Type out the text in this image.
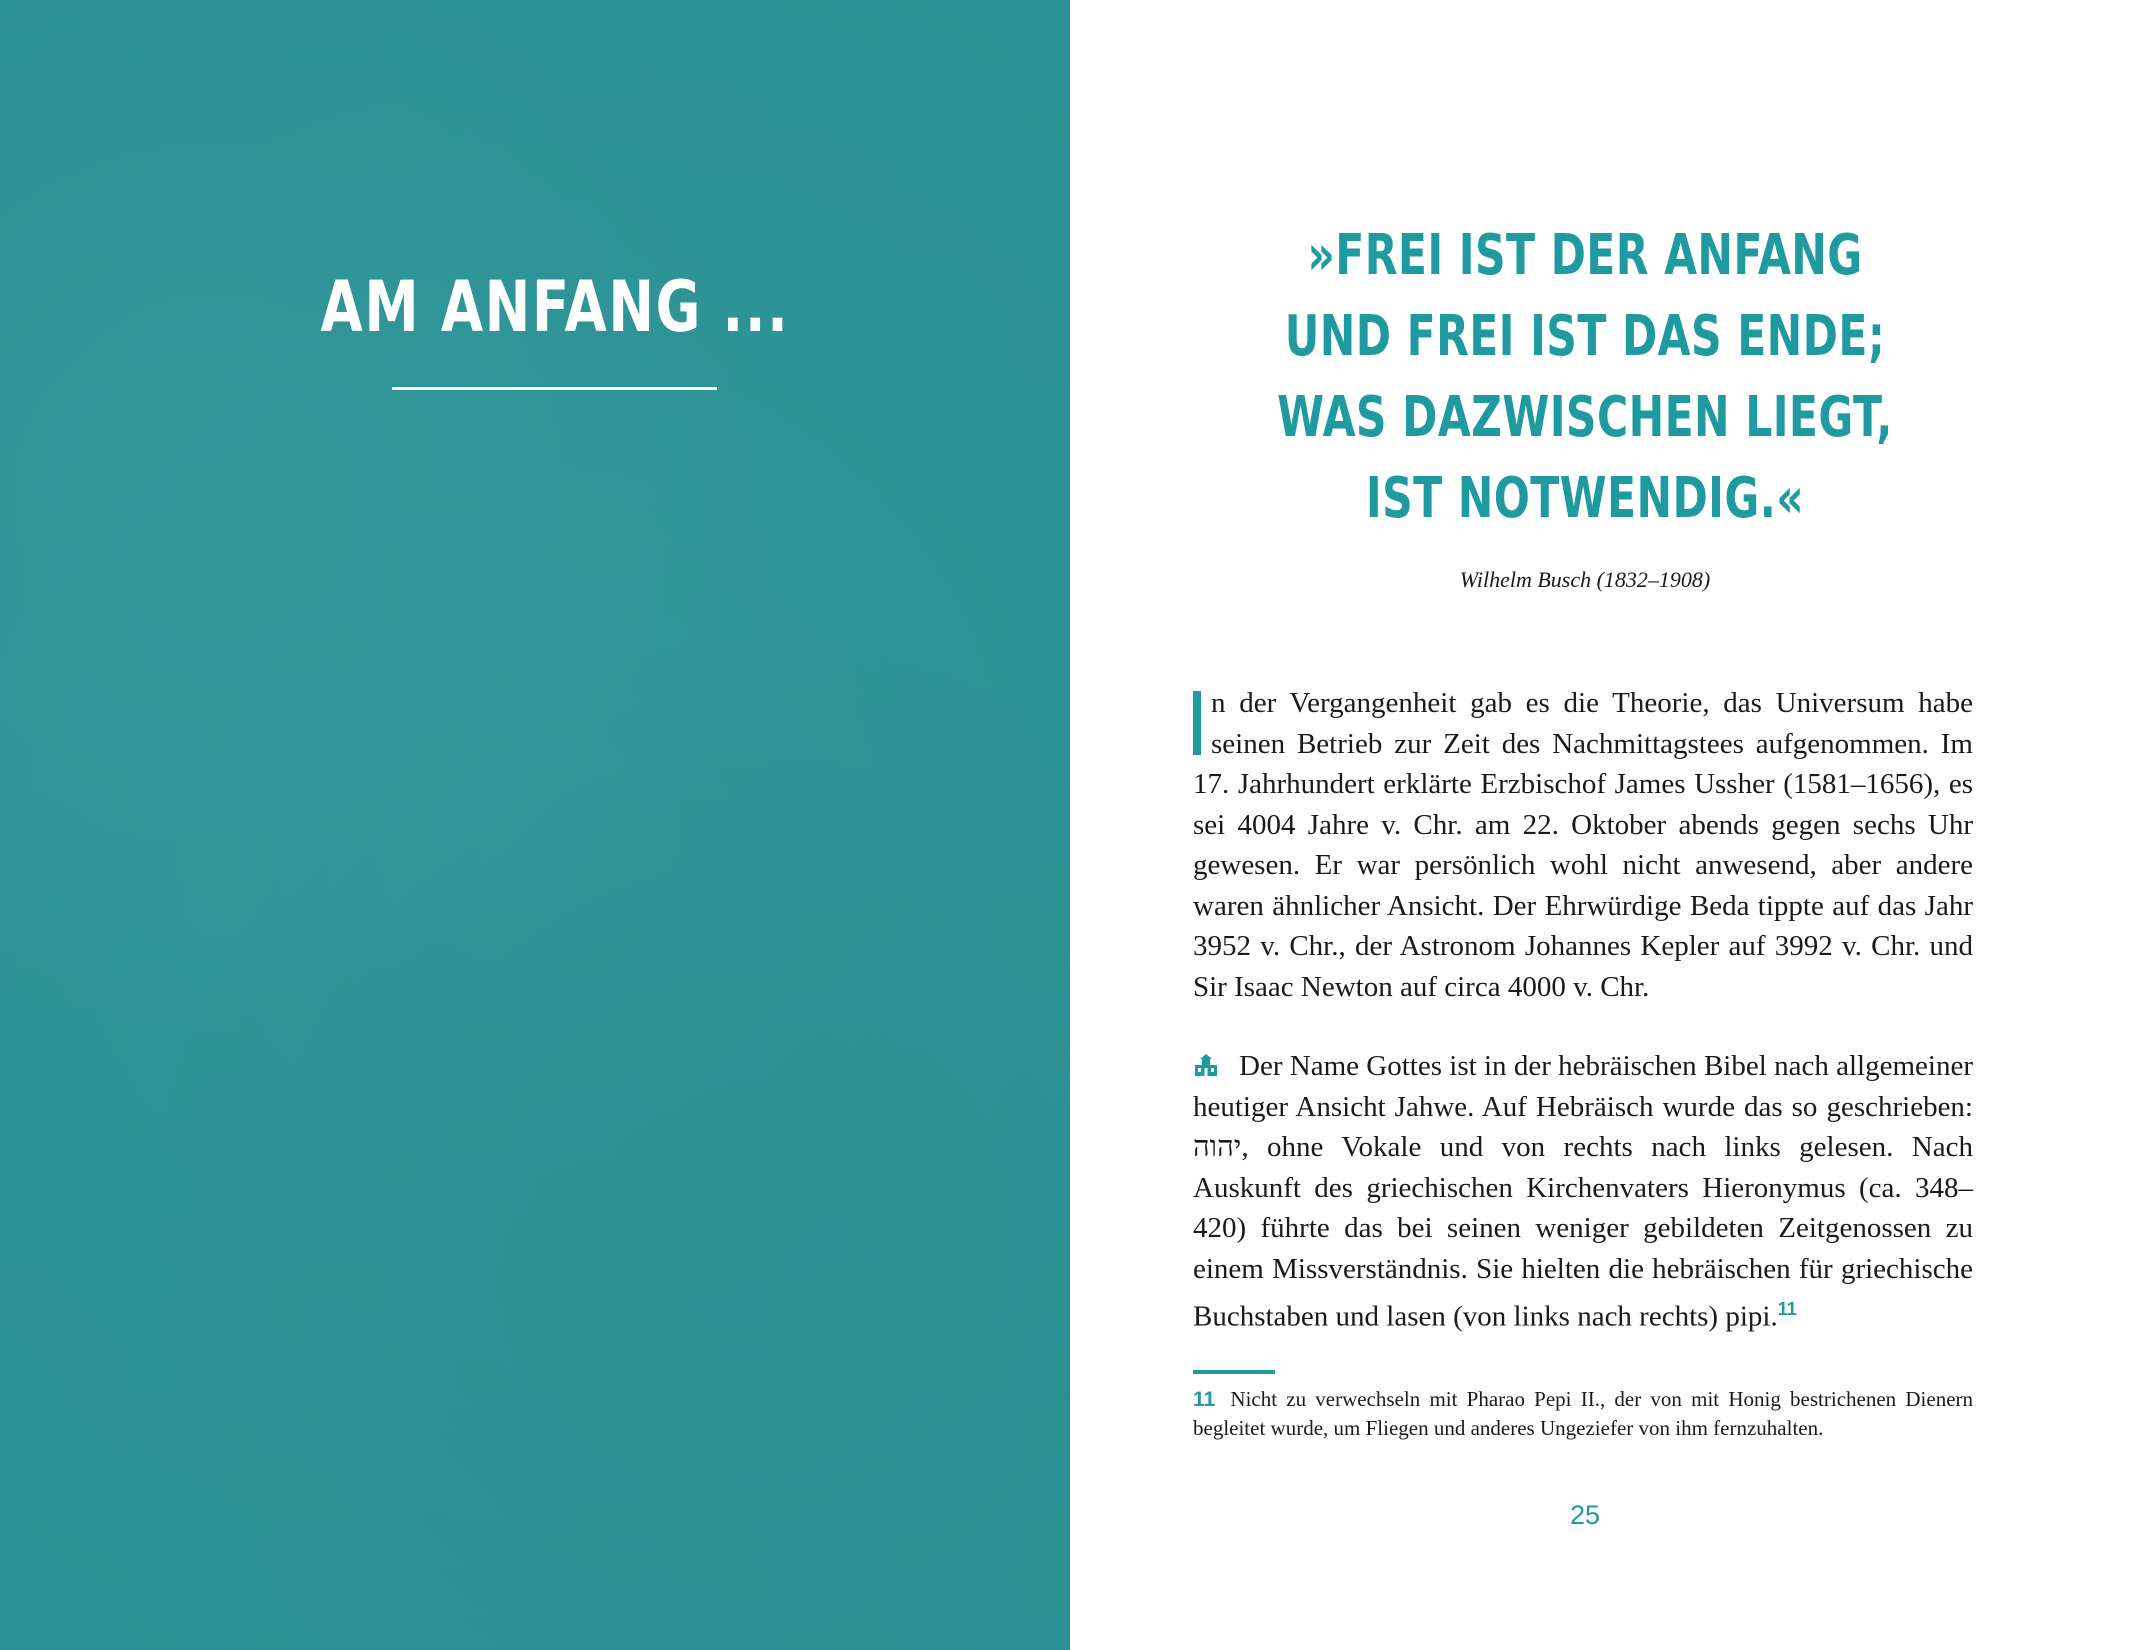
AM ANFANG ...
»FREI IST DER ANFANG
UND FREI IST DAS ENDE;
WAS DAZWISCHEN LIEGT,
IST NOTWENDIG.«
Wilhelm Busch (1832–1908)

n der Vergangenheit gab es die Theorie, das Universum habe seinen Betrieb zur Zeit des Nachmittagstees aufgenommen. Im 17. Jahrhundert erklärte Erzbischof James Ussher (1581–1656), es sei 4004 Jahre v. Chr. am 22. Oktober abends gegen sechs Uhr gewesen. Er war persönlich wohl nicht anwesend, aber andere waren ähnlicher Ansicht. Der Ehrwürdige Beda tippte auf das Jahr 3952 v. Chr., der Astronom Johannes Kepler auf 3992 v. Chr. und Sir Isaac Newton auf circa 4000 v. Chr.

Der Name Gottes ist in der hebräischen Bibel nach allgemeiner heutiger Ansicht Jahwe. Auf Hebräisch wurde das so geschrieben: יהוה, ohne Vokale und von rechts nach links gelesen. Nach Auskunft des griechischen Kirchenvaters Hieronymus (ca. 348–420) führte das bei seinen weniger gebildeten Zeitgenossen zu einem Missverständnis. Sie hielten die hebräischen für griechische Buchstaben und lasen (von links nach rechts) pipi.$^{11}$

11 Nicht zu verwechseln mit Pharao Pepi II., der von mit Honig bestrichenen Dienern begleitet wurde, um Fliegen und anderes Ungeziefer von ihm fernzuhalten.

25
